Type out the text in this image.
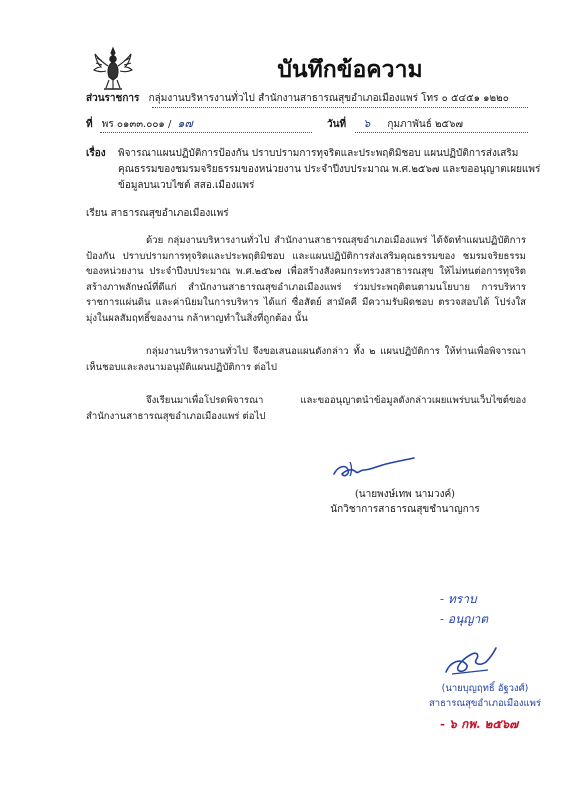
บันทึกข้อความ
ส่วนราชการ กลุ่มงานบริหารงานทั่วไป สำนักงานสาธารณสุขอำเภอเมืองแพร่ โทร ๐ ๕๔๕๑ ๑๒๒๐
ที่ พร ๐๑๓๓.๐๐๑ / ๑๗	วันที่ ๖ กุมภาพันธ์ ๒๕๖๗
เรื่อง พิจารณาแผนปฏิบัติการป้องกัน ปราบปรามการทุจริตและประพฤติมิชอบ แผนปฏิบัติการส่งเสริม
คุณธรรมของชมรมจริยธรรมของหน่วยงาน ประจำปีงบประมาณ พ.ศ.๒๕๖๗ และขออนุญาตเผยแพร่
ข้อมูลบนเวบไซต์ สสอ.เมืองแพร่
เรียน สาธารณสุขอำเภอเมืองแพร่
ด้วย กลุ่มงานบริหารงานทั่วไป สำนักงานสาธารณสุขอำเภอเมืองแพร่ ได้จัดทำแผนปฏิบัติการป้องกัน ปราบปรามการทุจริตและประพฤติมิชอบ และแผนปฏิบัติการส่งเสริมคุณธรรมของ ชมรมจริยธรรมของหน่วยงาน ประจำปีงบประมาณ พ.ศ.๒๕๖๗ เพื่อสร้างสังคมกระทรวงสาธารณสุข ให้ไม่ทนต่อการทุจริต สร้างภาพลักษณ์ที่ดีแก่ สำนักงานสาธารณสุขอำเภอเมืองแพร่ ร่วมประพฤติตนตามนโยบาย การบริหารราชการแผ่นดิน และค่านิยมในการบริหาร ได้แก่ ซื่อสัตย์ สามัคคี มีความรับผิดชอบ ตรวจสอบได้ โปร่งใส มุ่งในผลสัมฤทธิ์ของงาน กล้าหาญทำในสิ่งที่ถูกต้อง นั้น
กลุ่มงานบริหารงานทั่วไป จึงขอเสนอแผนดังกล่าว ทั้ง ๒ แผนปฏิบัติการ ให้ท่านเพื่อพิจารณาเห็นชอบและลงนามอนุมัติแผนปฏิบัติการ ต่อไป
จึงเรียนมาเพื่อโปรดพิจารณา และขออนุญาตนำข้อมูลดังกล่าวเผยแพร่บนเว็บไซต์ของ สำนักงานสาธารณสุขอำเภอเมืองแพร่ ต่อไป
(นายพงษ์เทพ นามวงค์)
นักวิชาการสาธารณสุขชำนาญการ
- ทราบ
- อนุญาต
(นายบุญฤทธิ์ อัฐวงศ์)
สาธารณสุขอำเภอเมืองแพร่
- ๖ กพ. ๒๕๖๗
